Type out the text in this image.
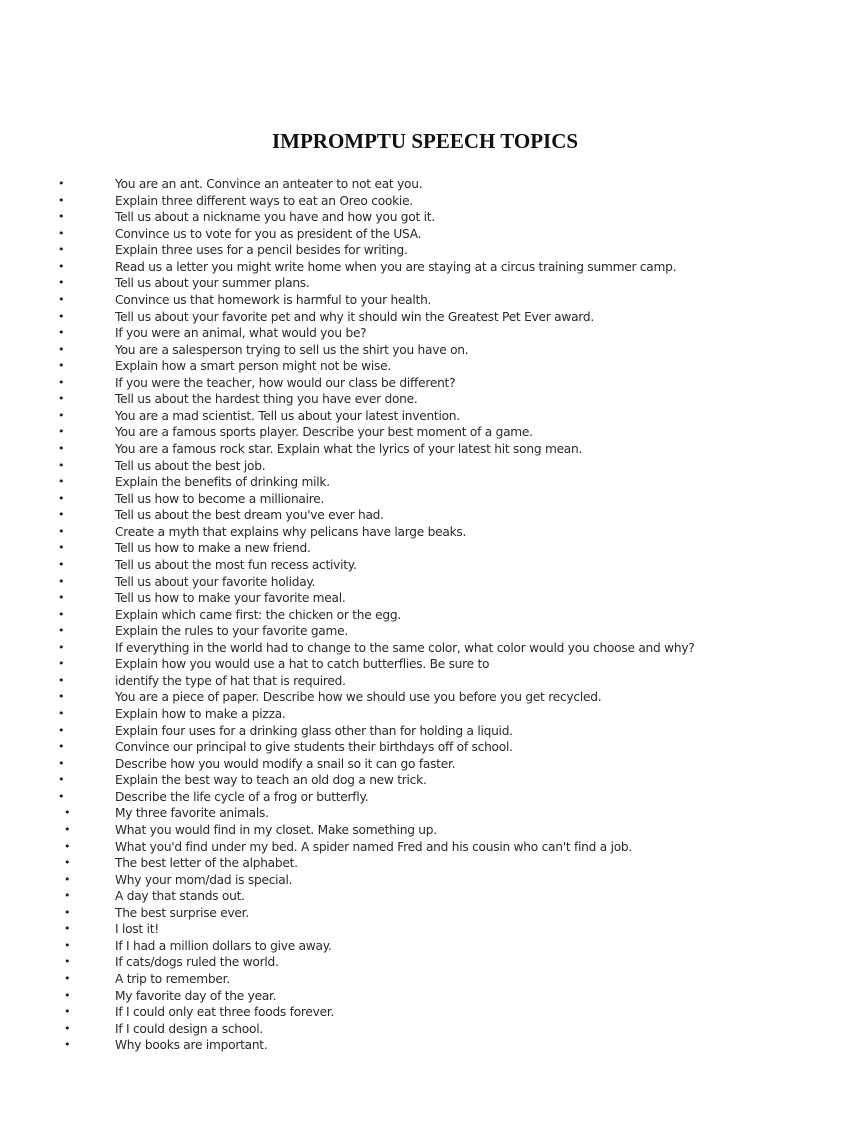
IMPROMPTU SPEECH TOPICS
•	You are an ant. Convince an anteater to not eat you.
•	Explain three different ways to eat an Oreo cookie.
•	Tell us about a nickname you have and how you got it.
•	Convince us to vote for you as president of the USA.
•	Explain three uses for a pencil besides for writing.
•	Read us a letter you might write home when you are staying at a circus training summer camp.
•	Tell us about your summer plans.
•	Convince us that homework is harmful to your health.
•	Tell us about your favorite pet and why it should win the Greatest Pet Ever award.
•	If you were an animal, what would you be?
•	You are a salesperson trying to sell us the shirt you have on.
•	Explain how a smart person might not be wise.
•	If you were the teacher, how would our class be different?
•	Tell us about the hardest thing you have ever done.
•	You are a mad scientist. Tell us about your latest invention.
•	You are a famous sports player. Describe your best moment of a game.
•	You are a famous rock star. Explain what the lyrics of your latest hit song mean.
•	Tell us about the best job.
•	Explain the benefits of drinking milk.
•	Tell us how to become a millionaire.
•	Tell us about the best dream you've ever had.
•	Create a myth that explains why pelicans have large beaks.
•	Tell us how to make a new friend.
•	Tell us about the most fun recess activity.
•	Tell us about your favorite holiday.
•	Tell us how to make your favorite meal.
•	Explain which came first: the chicken or the egg.
•	Explain the rules to your favorite game.
•	If everything in the world had to change to the same color, what color would you choose and why?
•	Explain how you would use a hat to catch butterflies. Be sure to
•	identify the type of hat that is required.
•	You are a piece of paper. Describe how we should use you before you get recycled.
•	Explain how to make a pizza.
•	Explain four uses for a drinking glass other than for holding a liquid.
•	Convince our principal to give students their birthdays off of school.
•	Describe how you would modify a snail so it can go faster.
•	Explain the best way to teach an old dog a new trick.
•	Describe the life cycle of a frog or butterfly.
•	My three favorite animals.
•	What you would find in my closet. Make something up.
•	What you'd find under my bed. A spider named Fred and his cousin who can't find a job.
•	The best letter of the alphabet.
•	Why your mom/dad is special.
•	A day that stands out.
•	The best surprise ever.
•	I lost it!
•	If I had a million dollars to give away.
•	If cats/dogs ruled the world.
•	A trip to remember.
•	My favorite day of the year.
•	If I could only eat three foods forever.
•	If I could design a school.
•	Why books are important.
